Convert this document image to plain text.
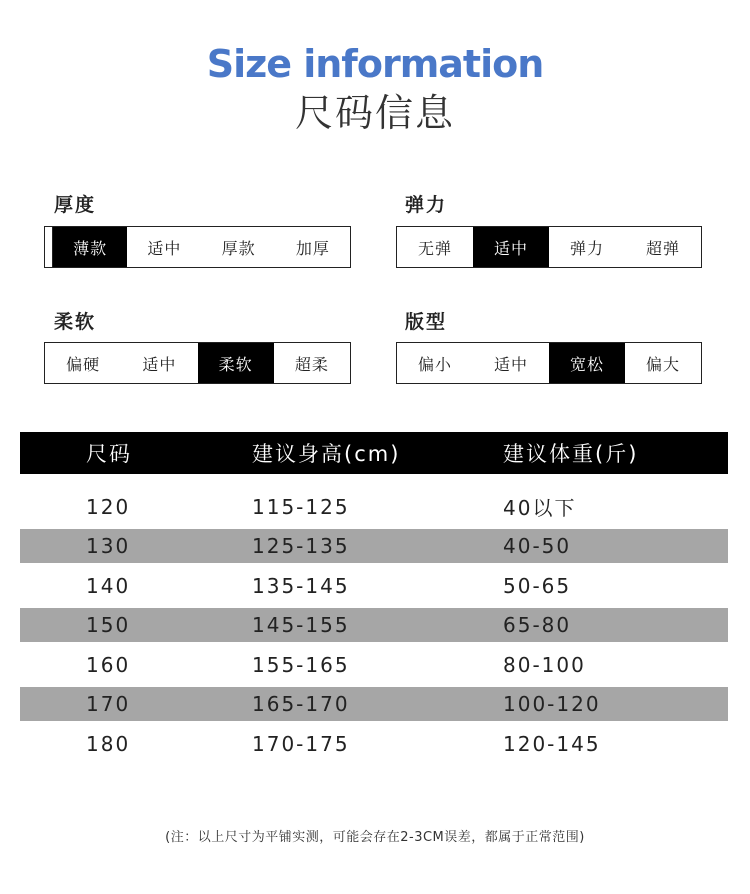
Size information
尺码信息
厚度
薄款	适中	厚款	加厚
弹力
无弹	适中	弹力	超弹
柔软
偏硬	适中	柔软	超柔
版型
偏小	适中	宽松	偏大
尺码	建议身高(cm)	建议体重(斤)
120	115-125	40以下
130	125-135	40-50
140	135-145	50-65
150	145-155	65-80
160	155-165	80-100
170	165-170	100-120
180	170-175	120-145
(注：以上尺寸为平铺实测，可能会存在2-3CM误差，都属于正常范围)
